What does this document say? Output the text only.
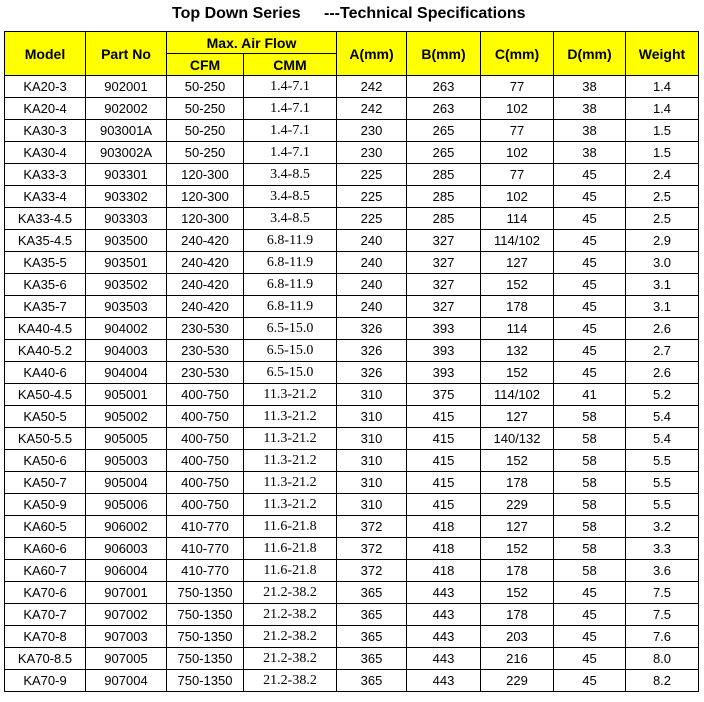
Top Down Series

---Technical Specifications

Model	Part No	Max. Air Flow		A(mm)	B(mm)	C(mm)	D(mm)	Weight
		CFM	CMM					
KA20-3	902001	50-250	1.4-7.1	242	263	77	38	1.4
KA20-4	902002	50-250	1.4-7.1	242	263	102	38	1.4
KA30-3	903001A	50-250	1.4-7.1	230	265	77	38	1.5
KA30-4	903002A	50-250	1.4-7.1	230	265	102	38	1.5
KA33-3	903301	120-300	3.4-8.5	225	285	77	45	2.4
KA33-4	903302	120-300	3.4-8.5	225	285	102	45	2.5
KA33-4.5	903303	120-300	3.4-8.5	225	285	114	45	2.5
KA35-4.5	903500	240-420	6.8-11.9	240	327	114/102	45	2.9
KA35-5	903501	240-420	6.8-11.9	240	327	127	45	3.0
KA35-6	903502	240-420	6.8-11.9	240	327	152	45	3.1
KA35-7	903503	240-420	6.8-11.9	240	327	178	45	3.1
KA40-4.5	904002	230-530	6.5-15.0	326	393	114	45	2.6
KA40-5.2	904003	230-530	6.5-15.0	326	393	132	45	2.7
KA40-6	904004	230-530	6.5-15.0	326	393	152	45	2.6
KA50-4.5	905001	400-750	11.3-21.2	310	375	114/102	41	5.2
KA50-5	905002	400-750	11.3-21.2	310	415	127	58	5.4
KA50-5.5	905005	400-750	11.3-21.2	310	415	140/132	58	5.4
KA50-6	905003	400-750	11.3-21.2	310	415	152	58	5.5
KA50-7	905004	400-750	11.3-21.2	310	415	178	58	5.5
KA50-9	905006	400-750	11.3-21.2	310	415	229	58	5.5
KA60-5	906002	410-770	11.6-21.8	372	418	127	58	3.2
KA60-6	906003	410-770	11.6-21.8	372	418	152	58	3.3
KA60-7	906004	410-770	11.6-21.8	372	418	178	58	3.6
KA70-6	907001	750-1350	21.2-38.2	365	443	152	45	7.5
KA70-7	907002	750-1350	21.2-38.2	365	443	178	45	7.5
KA70-8	907003	750-1350	21.2-38.2	365	443	203	45	7.6
KA70-8.5	907005	750-1350	21.2-38.2	365	443	216	45	8.0
KA70-9	907004	750-1350	21.2-38.2	365	443	229	45	8.2
